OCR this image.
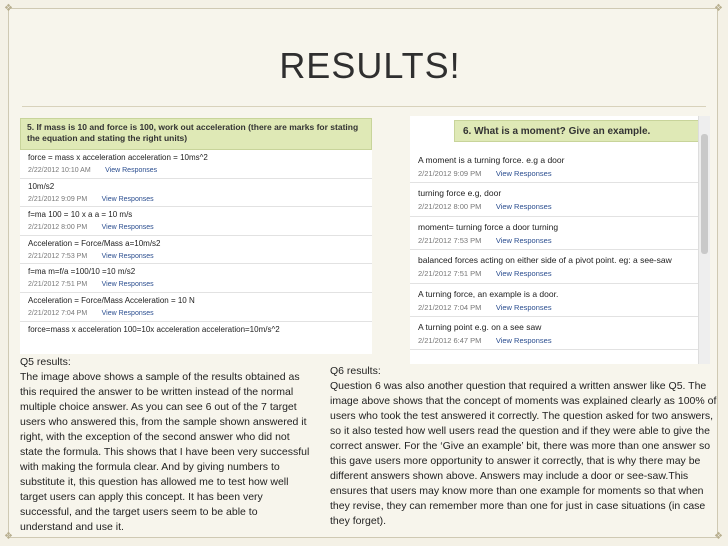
❖	❖
❖	❖
RESULTS!
5. If mass is 10 and force is 100, work out acceleration (there are marks for stating the equation and stating the right units)
force = mass x acceleration acceleration = 10ms^2
2/22/2012 10:10 AM View Responses
10m/s2
2/21/2012 9:09 PM View Responses
f=ma 100 = 10 x a a = 10 m/s
2/21/2012 8:00 PM View Responses
Acceleration = Force/Mass a=10m/s2
2/21/2012 7:53 PM View Responses
f=ma m=f/a =100/10 =10 m/s2
2/21/2012 7:51 PM View Responses
Acceleration = Force/Mass Acceleration = 10 N
2/21/2012 7:04 PM View Responses
force=mass x acceleration 100=10x acceleration acceleration=10m/s^2
6. What is a moment? Give an example.
A moment is a turning force. e.g a door
2/21/2012 9:09 PM View Responses
turning force e.g, door
2/21/2012 8:00 PM View Responses
moment= turning force a door turning
2/21/2012 7:53 PM View Responses
balanced forces acting on either side of a pivot point. eg: a see-saw
2/21/2012 7:51 PM View Responses
A turning force, an example is a door.
2/21/2012 7:04 PM View Responses
A turning point e.g. on a see saw
2/21/2012 6:47 PM View Responses
Q5 results:
The image above shows a sample of the results obtained as this required the answer to be written instead of the normal multiple choice answer. As you can see 6 out of the 7 target users who answered this, from the sample shown answered it right, with the exception of the second answer who did not state the formula. This shows that I have been very successful with making the formula clear. And by giving numbers to substitute it, this question has allowed me to test how well target users can apply this concept. It has been very successful, and the target users seem to be able to understand and use it.
Q6 results:
Question 6 was also another question that required a written answer like Q5. The image above shows that the concept of moments was explained clearly as 100% of users who took the test answered it correctly. The question asked for two answers, so it also tested how well users read the question and if they were able to give the correct answer. For the ‘Give an example’ bit, there was more than one answer so this gave users more opportunity to answer it correctly, that is why there may be different answers shown above. Answers may include a door or see-saw.This ensures that users may know more than one example for moments so that when they revise, they can remember more than one for just in case situations (in case they forget).
